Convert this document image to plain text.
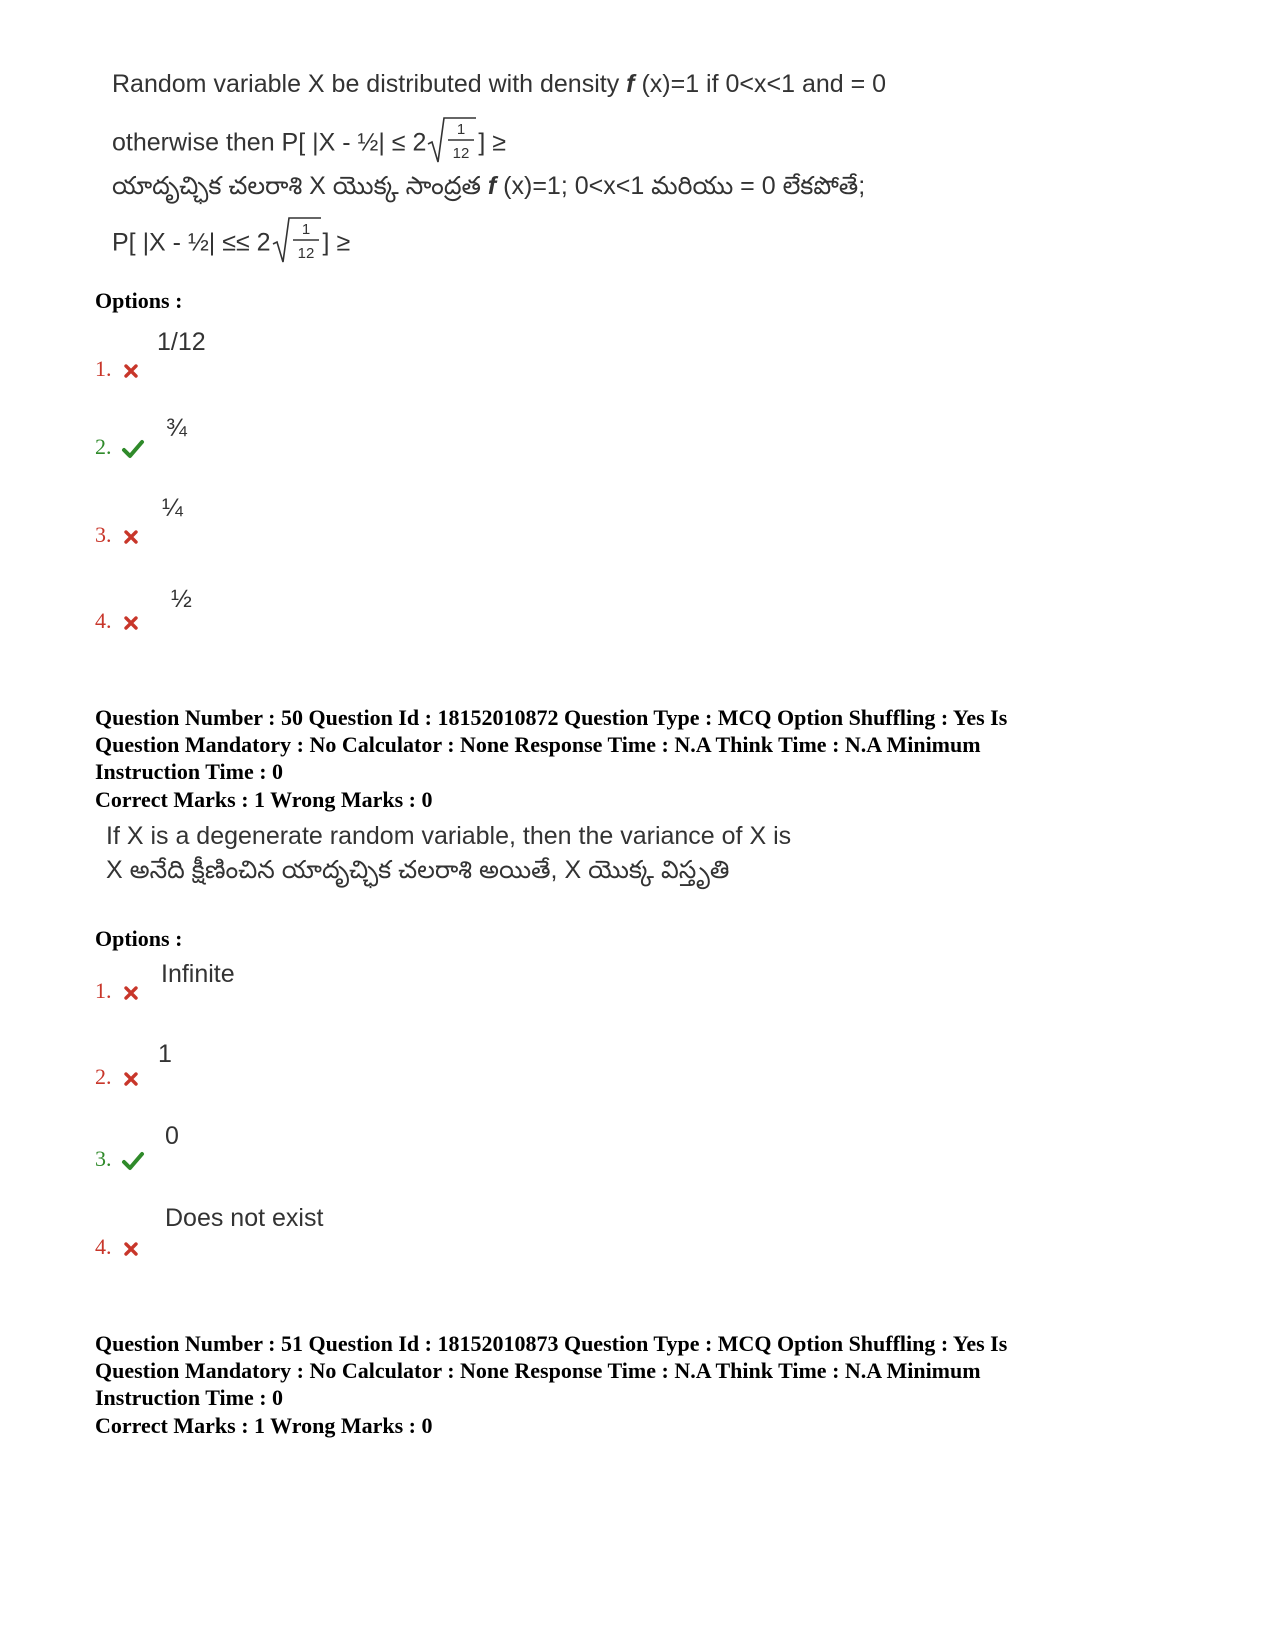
Random variable X be distributed with density f (x)=1 if 0<x<1 and = 0
otherwise then P[ |X - ½| ≤ 2 1
12 ] ≥
యాదృచ్ఛిక చలరాశి X యొక్క సాంద్రత f (x)=1; 0<x<1 మరియు = 0 లేకపోతే;
P[ |X - ½| ≤≤ 2 1
12 ] ≥
Options :
1/12
1.
¾
2.
¼
3.
½
4.
Question Number : 50 Question Id : 18152010872 Question Type : MCQ Option Shuffling : Yes Is
Question Mandatory : No Calculator : None Response Time : N.A Think Time : N.A Minimum
Instruction Time : 0
Correct Marks : 1 Wrong Marks : 0
If X is a degenerate random variable, then the variance of X is
X అనేది క్షీణించిన యాదృచ్ఛిక చలరాశి అయితే, X యొక్క విస్తృతి
Options :
Infinite
1.
1
2.
0
3.
Does not exist
4.
Question Number : 51 Question Id : 18152010873 Question Type : MCQ Option Shuffling : Yes Is
Question Mandatory : No Calculator : None Response Time : N.A Think Time : N.A Minimum
Instruction Time : 0
Correct Marks : 1 Wrong Marks : 0
